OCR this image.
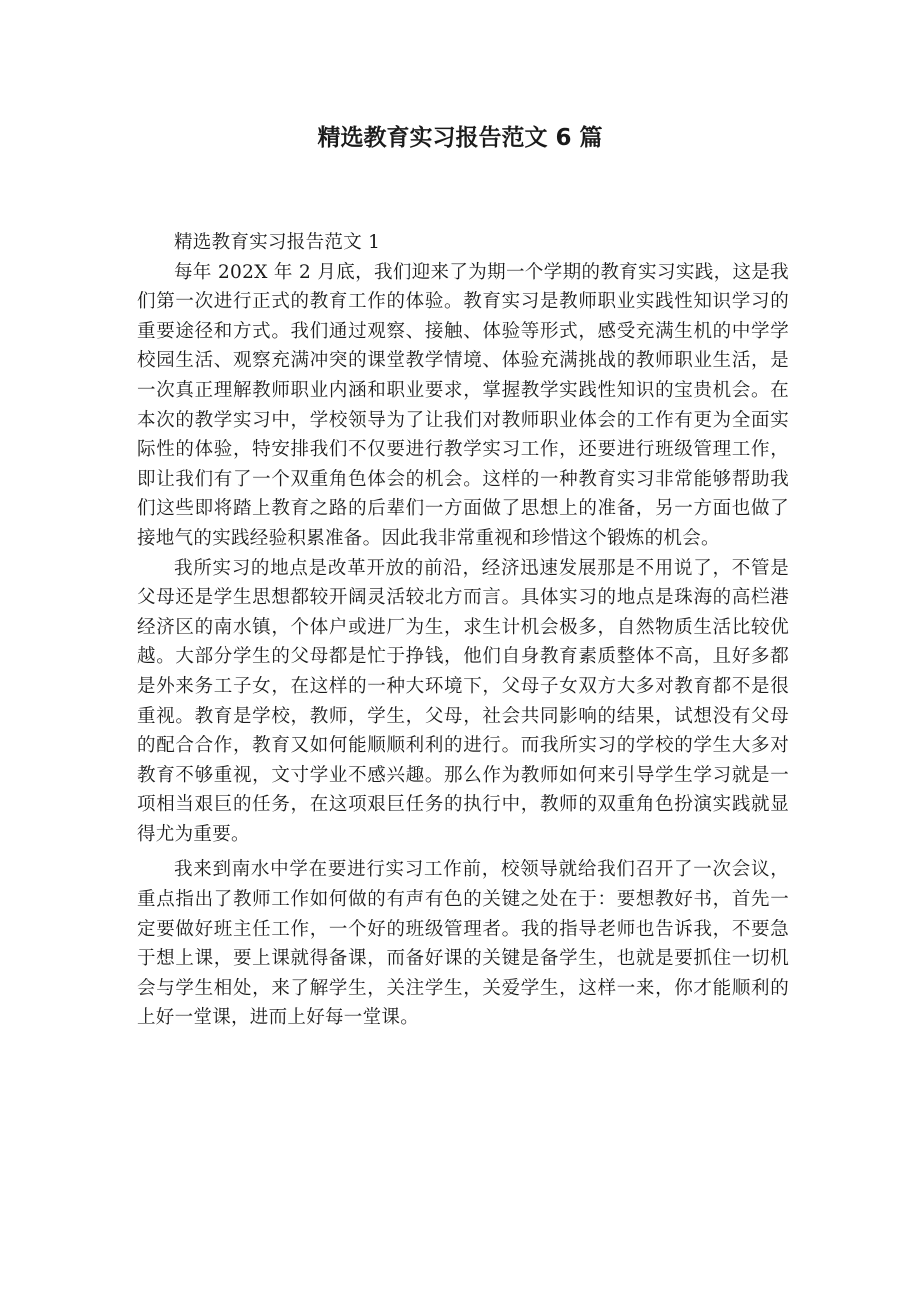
精选教育实习报告范文 6 篇

精选教育实习报告范文 1

每年 202X 年 2 月底，我们迎来了为期一个学期的教育实习实践，这是我们第一次进行正式的教育工作的体验。教育实习是教师职业实践性知识学习的重要途径和方式。我们通过观察、接触、体验等形式，感受充满生机的中学学校园生活、观察充满冲突的课堂教学情境、体验充满挑战的教师职业生活，是一次真正理解教师职业内涵和职业要求，掌握教学实践性知识的宝贵机会。在本次的教学实习中，学校领导为了让我们对教师职业体会的工作有更为全面实际性的体验，特安排我们不仅要进行教学实习工作，还要进行班级管理工作，即让我们有了一个双重角色体会的机会。这样的一种教育实习非常能够帮助我们这些即将踏上教育之路的后辈们一方面做了思想上的准备，另一方面也做了接地气的实践经验积累准备。因此我非常重视和珍惜这个锻炼的机会。

我所实习的地点是改革开放的前沿，经济迅速发展那是不用说了，不管是父母还是学生思想都较开阔灵活较北方而言。具体实习的地点是珠海的高栏港经济区的南水镇，个体户或进厂为生，求生计机会极多，自然物质生活比较优越。大部分学生的父母都是忙于挣钱，他们自身教育素质整体不高，且好多都是外来务工子女，在这样的一种大环境下，父母子女双方大多对教育都不是很重视。教育是学校，教师，学生，父母，社会共同影响的结果，试想没有父母的配合合作，教育又如何能顺顺利利的进行。而我所实习的学校的学生大多对教育不够重视，文寸学业不感兴趣。那么作为教师如何来引导学生学习就是一项相当艰巨的任务，在这项艰巨任务的执行中，教师的双重角色扮演实践就显得尤为重要。

我来到南水中学在要进行实习工作前，校领导就给我们召开了一次会议，重点指出了教师工作如何做的有声有色的关键之处在于：要想教好书，首先一定要做好班主任工作，一个好的班级管理者。我的指导老师也告诉我，不要急于想上课，要上课就得备课，而备好课的关键是备学生，也就是要抓住一切机会与学生相处，来了解学生，关注学生，关爱学生，这样一来，你才能顺利的上好一堂课，进而上好每一堂课。
